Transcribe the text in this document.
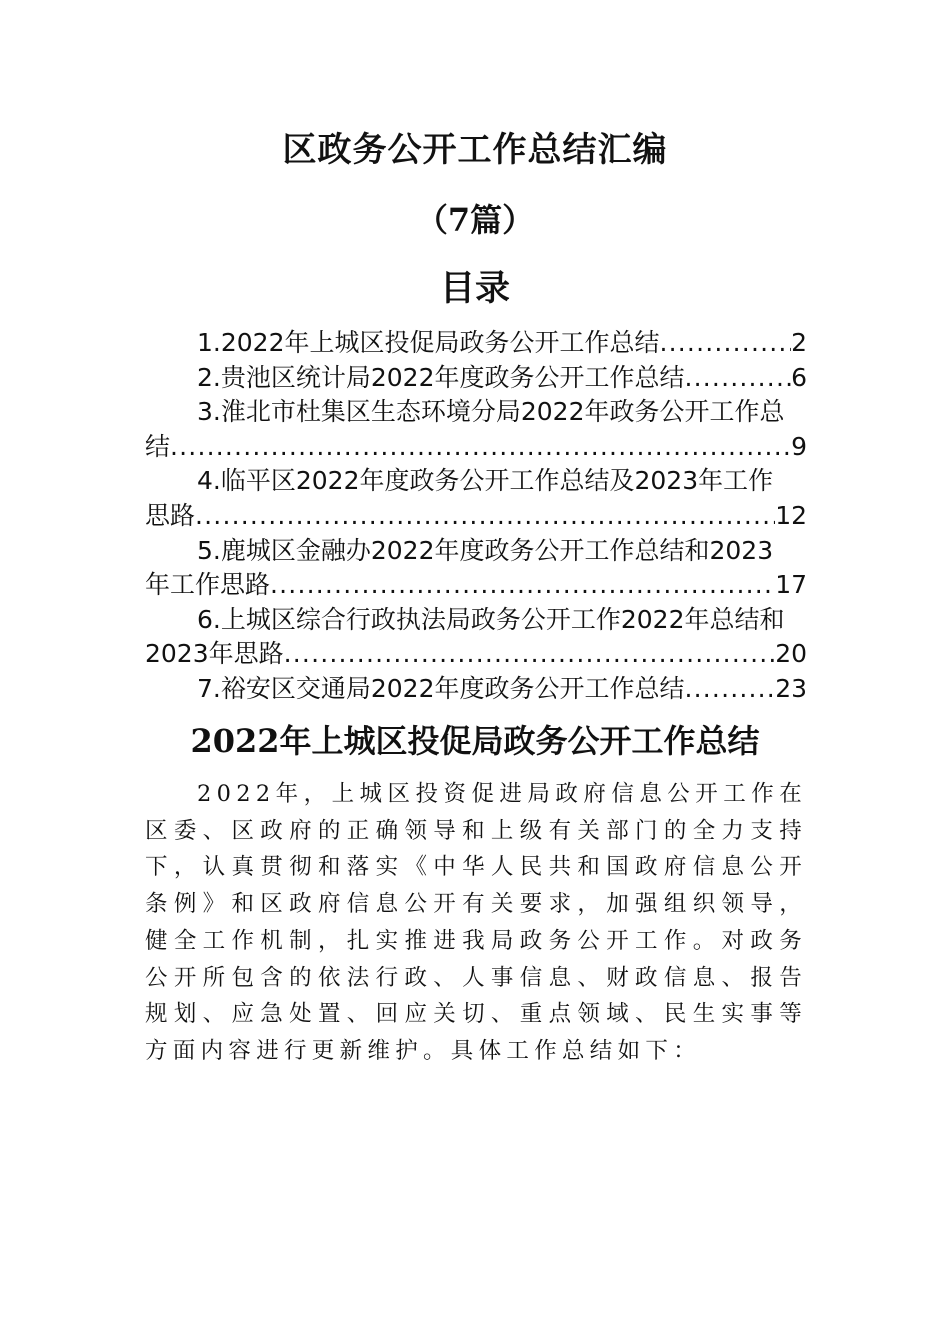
区政务公开工作总结汇编
（7篇）
目录
1.2022年上城区投促局政务公开工作总结 .....	2
2.贵池区统计局2022年度政务公开工作总结 .....	6
3.淮北市杜集区生态环境分局2022年政务公开工作总
结 .....	9
4.临平区2022年度政务公开工作总结及2023年工作
思路 .....	12
5.鹿城区金融办2022年度政务公开工作总结和2023
年工作思路 .....	17
6.上城区综合行政执法局政务公开工作2022年总结和
2023年思路 .....	20
7.裕安区交通局2022年度政务公开工作总结 .....	23
2022年上城区投促局政务公开工作总结
2022年，上城区投资促进局政府信息公开工作在区委、区政府的正确领导和上级有关部门的全力支持下，认真贯彻和落实《中华人民共和国政府信息公开条例》和区政府信息公开有关要求，加强组织领导，健全工作机制，扎实推进我局政务公开工作。对政务公开所包含的依法行政、人事信息、财政信息、报告规划、应急处置、回应关切、重点领域、民生实事等方面内容进行更新维护。具体工作总结如下：
